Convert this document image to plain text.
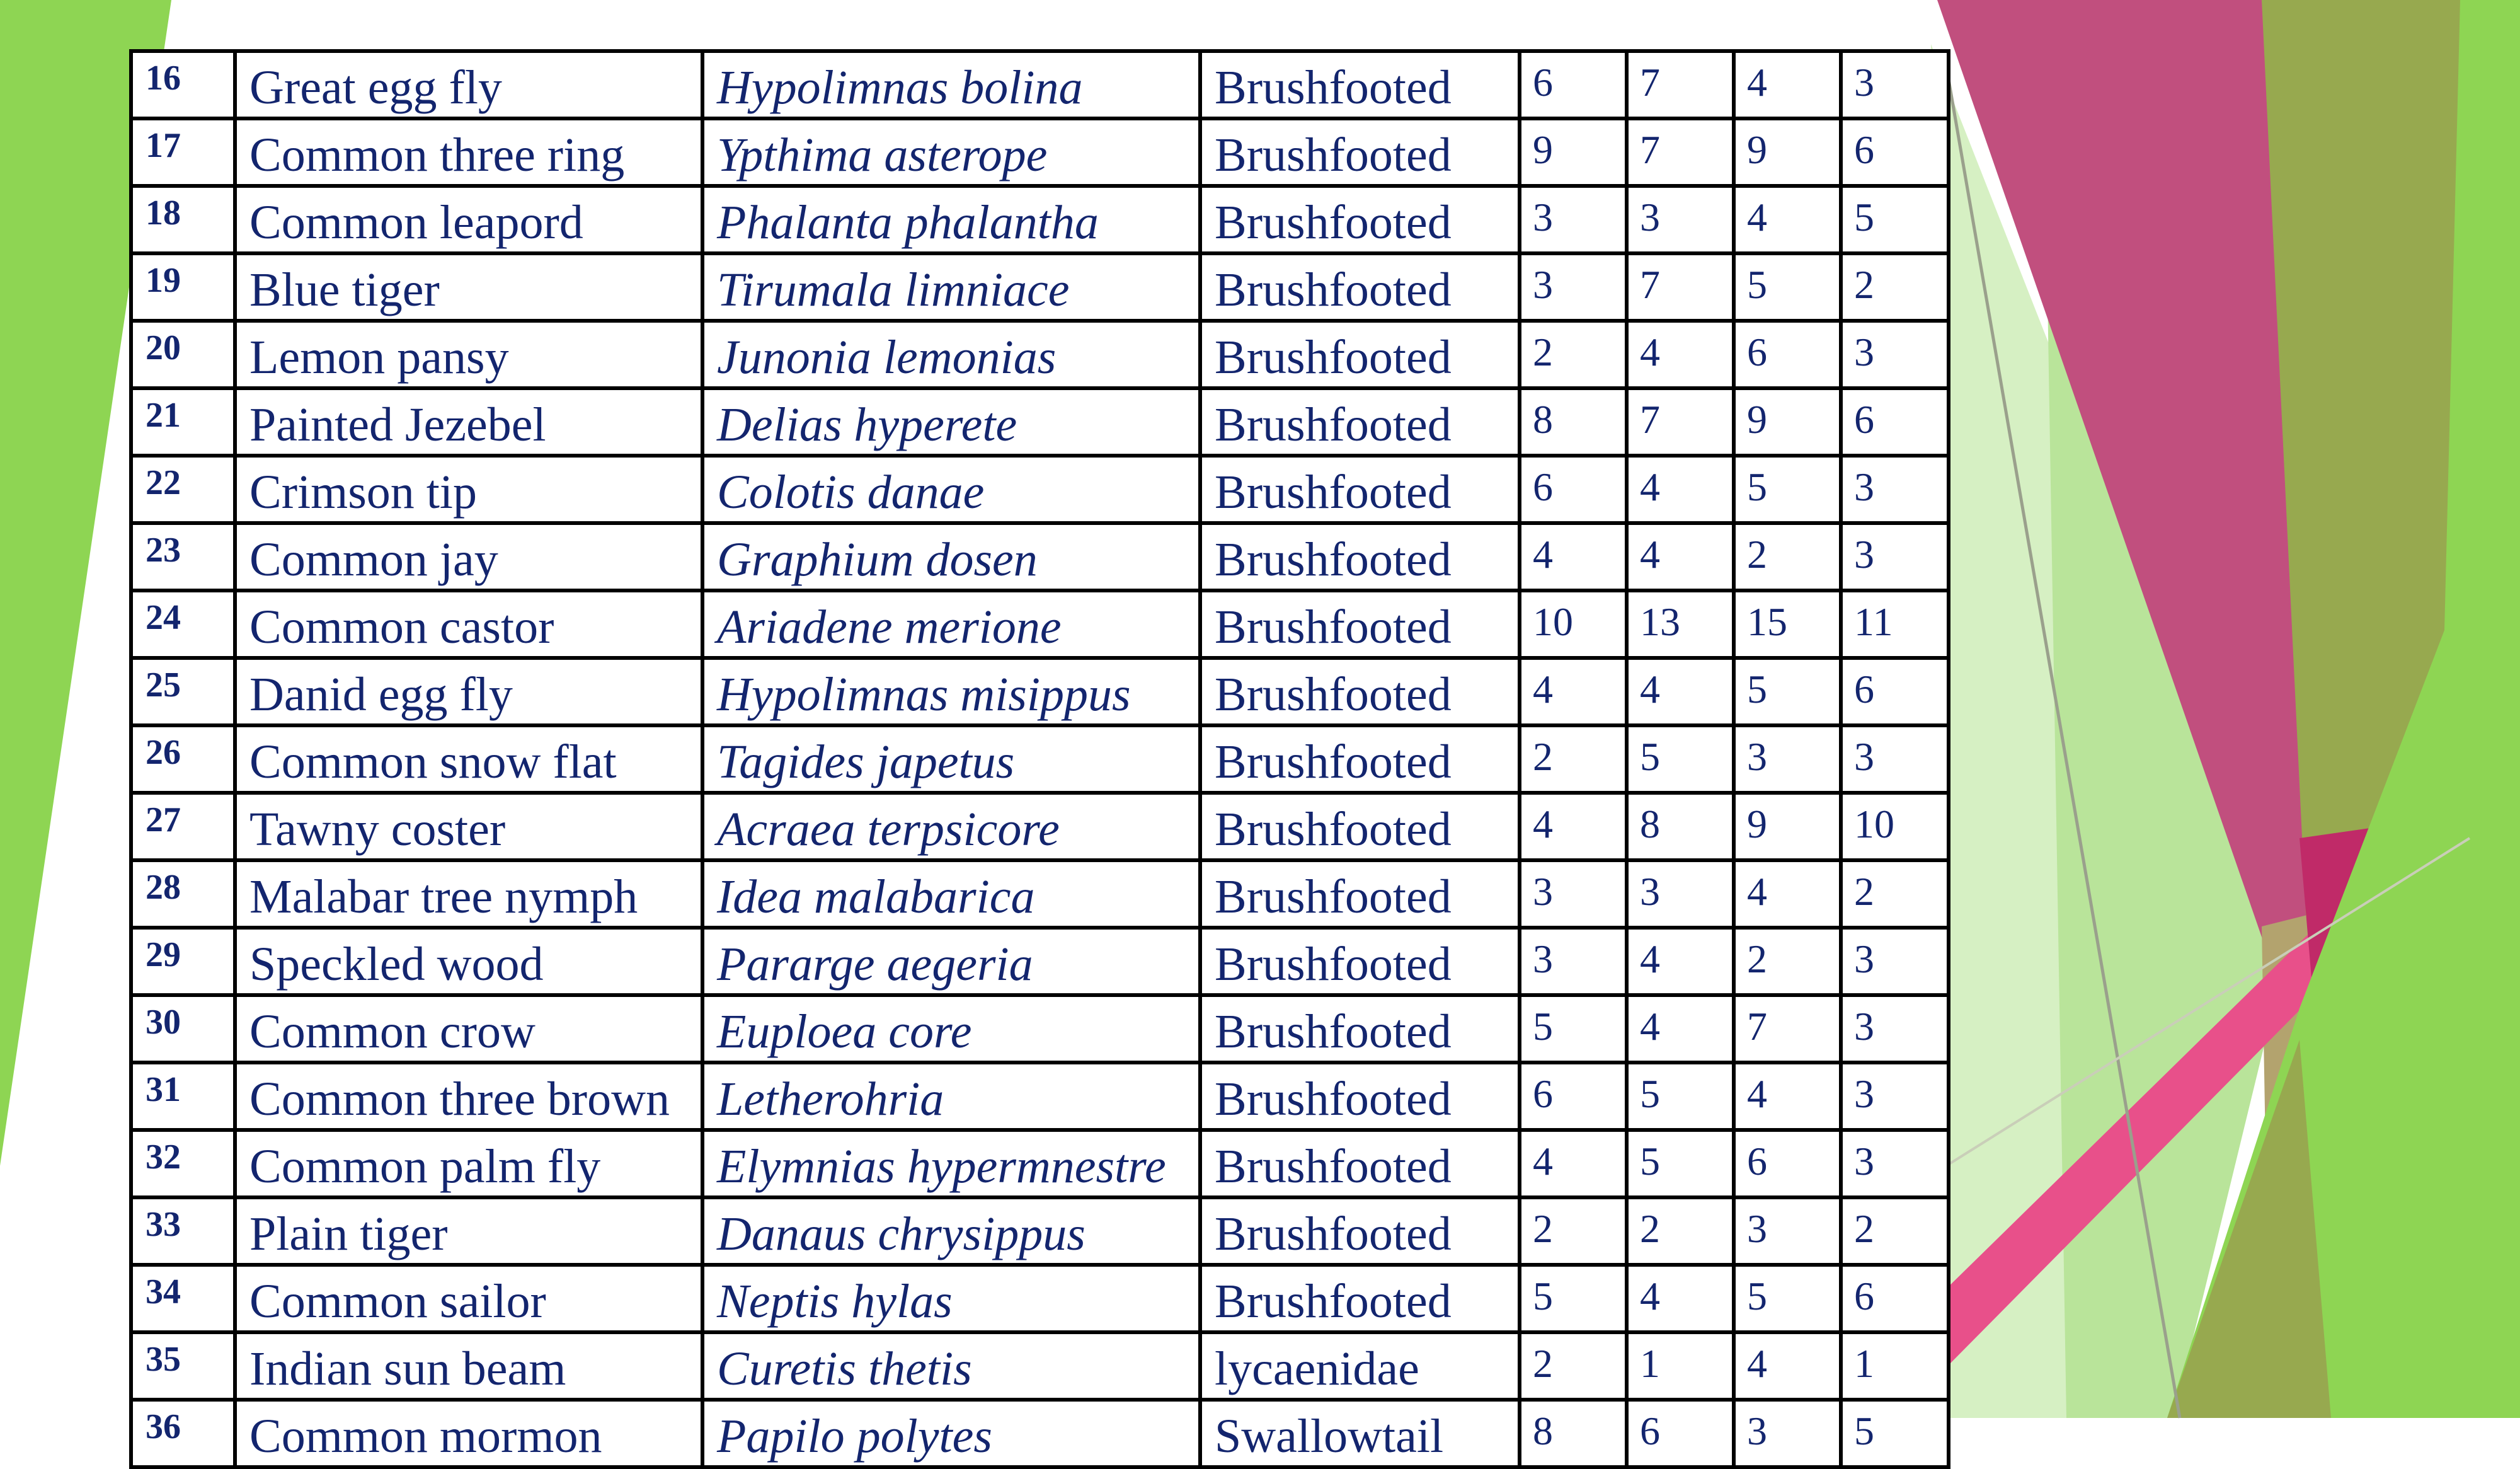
16	Great egg fly	Hypolimnas bolina	Brushfooted	6	7	4	3
17	Common three ring	Ypthima asterope	Brushfooted	9	7	9	6
18	Common leapord	Phalanta phalantha	Brushfooted	3	3	4	5
19	Blue tiger	Tirumala limniace	Brushfooted	3	7	5	2
20	Lemon pansy	Junonia lemonias	Brushfooted	2	4	6	3
21	Painted Jezebel	Delias hyperete	Brushfooted	8	7	9	6
22	Crimson tip	Colotis danae	Brushfooted	6	4	5	3
23	Common jay	Graphium dosen	Brushfooted	4	4	2	3
24	Common castor	Ariadene merione	Brushfooted	10	13	15	11
25	Danid egg fly	Hypolimnas misippus	Brushfooted	4	4	5	6
26	Common snow flat	Tagides japetus	Brushfooted	2	5	3	3
27	Tawny coster	Acraea terpsicore	Brushfooted	4	8	9	10
28	Malabar tree nymph	Idea malabarica	Brushfooted	3	3	4	2
29	Speckled wood	Pararge aegeria	Brushfooted	3	4	2	3
30	Common crow	Euploea core	Brushfooted	5	4	7	3
31	Common three brown	Letherohria	Brushfooted	6	5	4	3
32	Common palm fly	Elymnias hypermnestre	Brushfooted	4	5	6	3
33	Plain tiger	Danaus chrysippus	Brushfooted	2	2	3	2
34	Common sailor	Neptis hylas	Brushfooted	5	4	5	6
35	Indian sun beam	Curetis thetis	lycaenidae	2	1	4	1
36	Common mormon	Papilo polytes	Swallowtail	8	6	3	5
